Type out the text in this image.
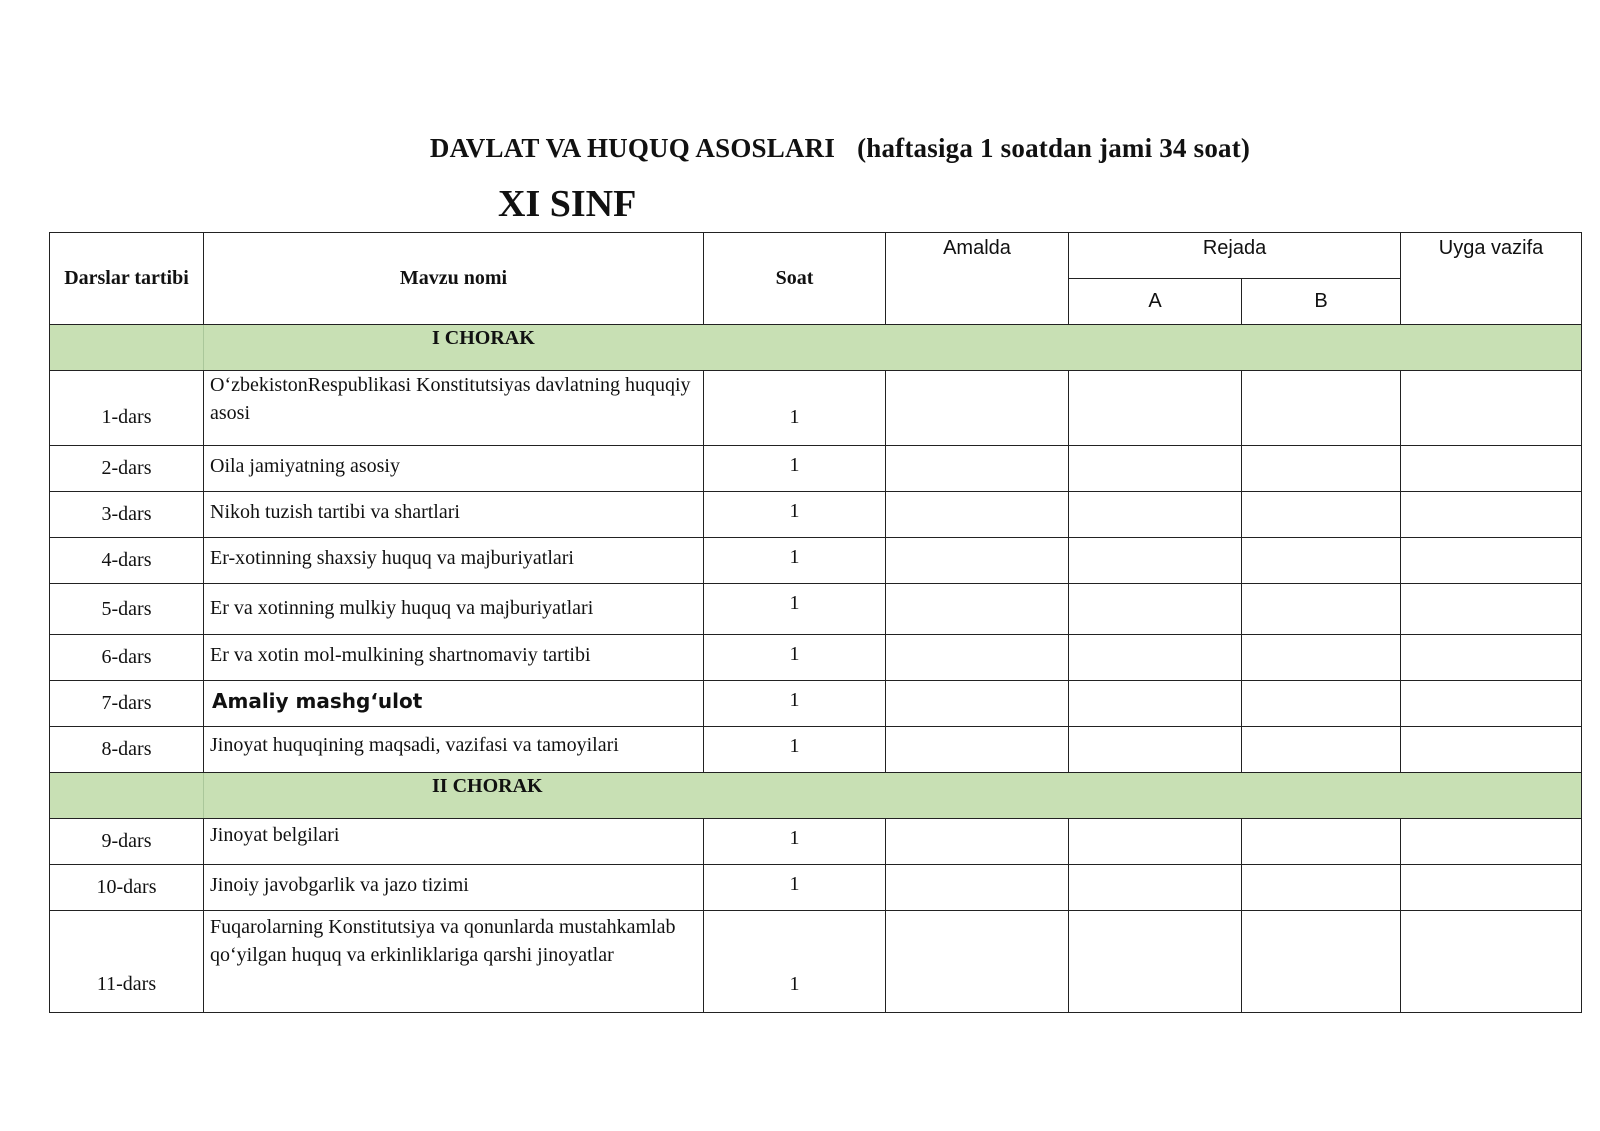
DAVLAT VA HUQUQ ASOSLARI (haftasiga 1 soatdan jami 34 soat)
XI SINF
Darslar tartibi	Mavzu nomi	Soat	Amalda	Rejada		Uyga vazifa
				A	B	
	I CHORAK					
1-dars	O‘zbekistonRespublikasi Konstitutsiyas davlatning huquqiy asosi	1				
2-dars	Oila jamiyatning asosiy	1				
3-dars	Nikoh tuzish tartibi va shartlari	1				
4-dars	Er-xotinning shaxsiy huquq va majburiyatlari	1				
5-dars	Er va xotinning mulkiy huquq va majburiyatlari	1				
6-dars	Er va xotin mol-mulkining shartnomaviy tartibi	1				
7-dars	Amaliy mashg‘ulot	1				
8-dars	Jinoyat huquqining maqsadi, vazifasi va tamoyilari	1				
	II CHORAK					
9-dars	Jinoyat belgilari	1				
10-dars	Jinoiy javobgarlik va jazo tizimi	1				
11-dars	Fuqarolarning Konstitutsiya va qonunlarda mustahkamlab qo‘yilgan huquq va erkinliklariga qarshi jinoyatlar	1				
